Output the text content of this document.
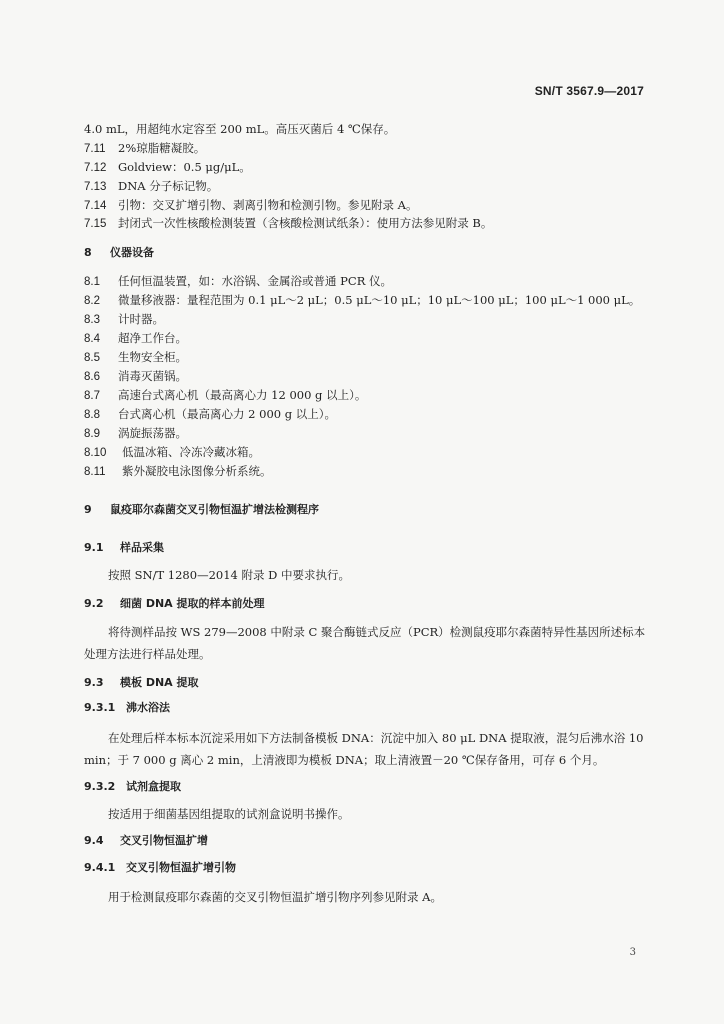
SN/T 3567.9—2017
4.0 mL，用超纯水定容至 200 mL。高压灭菌后 4 ℃保存。
7.11 2%琼脂糖凝胶。
7.12 Goldview：0.5 μg/μL。
7.13 DNA 分子标记物。
7.14 引物：交叉扩增引物、剥离引物和检测引物。参见附录 A。
7.15 封闭式一次性核酸检测装置（含核酸检测试纸条）：使用方法参见附录 B。
8 仪器设备
8.1 任何恒温装置，如：水浴锅、金属浴或普通 PCR 仪。
8.2 微量移液器：量程范围为 0.1 μL～2 μL；0.5 μL～10 μL；10 μL～100 μL；100 μL～1 000 μL。
8.3 计时器。
8.4 超净工作台。
8.5 生物安全柜。
8.6 消毒灭菌锅。
8.7 高速台式离心机（最高离心力 12 000 g 以上）。
8.8 台式离心机（最高离心力 2 000 g 以上）。
8.9 涡旋振荡器。
8.10 低温冰箱、冷冻冷藏冰箱。
8.11 紫外凝胶电泳图像分析系统。
9 鼠疫耶尔森菌交叉引物恒温扩增法检测程序
9.1 样品采集
按照 SN/T 1280—2014 附录 D 中要求执行。
9.2 细菌 DNA 提取的样本前处理
将待测样品按 WS 279—2008 中附录 C 聚合酶链式反应（PCR）检测鼠疫耶尔森菌特异性基因所述标本处理方法进行样品处理。
9.3 模板 DNA 提取
9.3.1 沸水浴法
在处理后样本标本沉淀采用如下方法制备模板 DNA：沉淀中加入 80 μL DNA 提取液，混匀后沸水浴 10 min；于 7 000 g 离心 2 min，上清液即为模板 DNA；取上清液置－20 ℃保存备用，可存 6 个月。
9.3.2 试剂盒提取
按适用于细菌基因组提取的试剂盒说明书操作。
9.4 交叉引物恒温扩增
9.4.1 交叉引物恒温扩增引物
用于检测鼠疫耶尔森菌的交叉引物恒温扩增引物序列参见附录 A。
3
